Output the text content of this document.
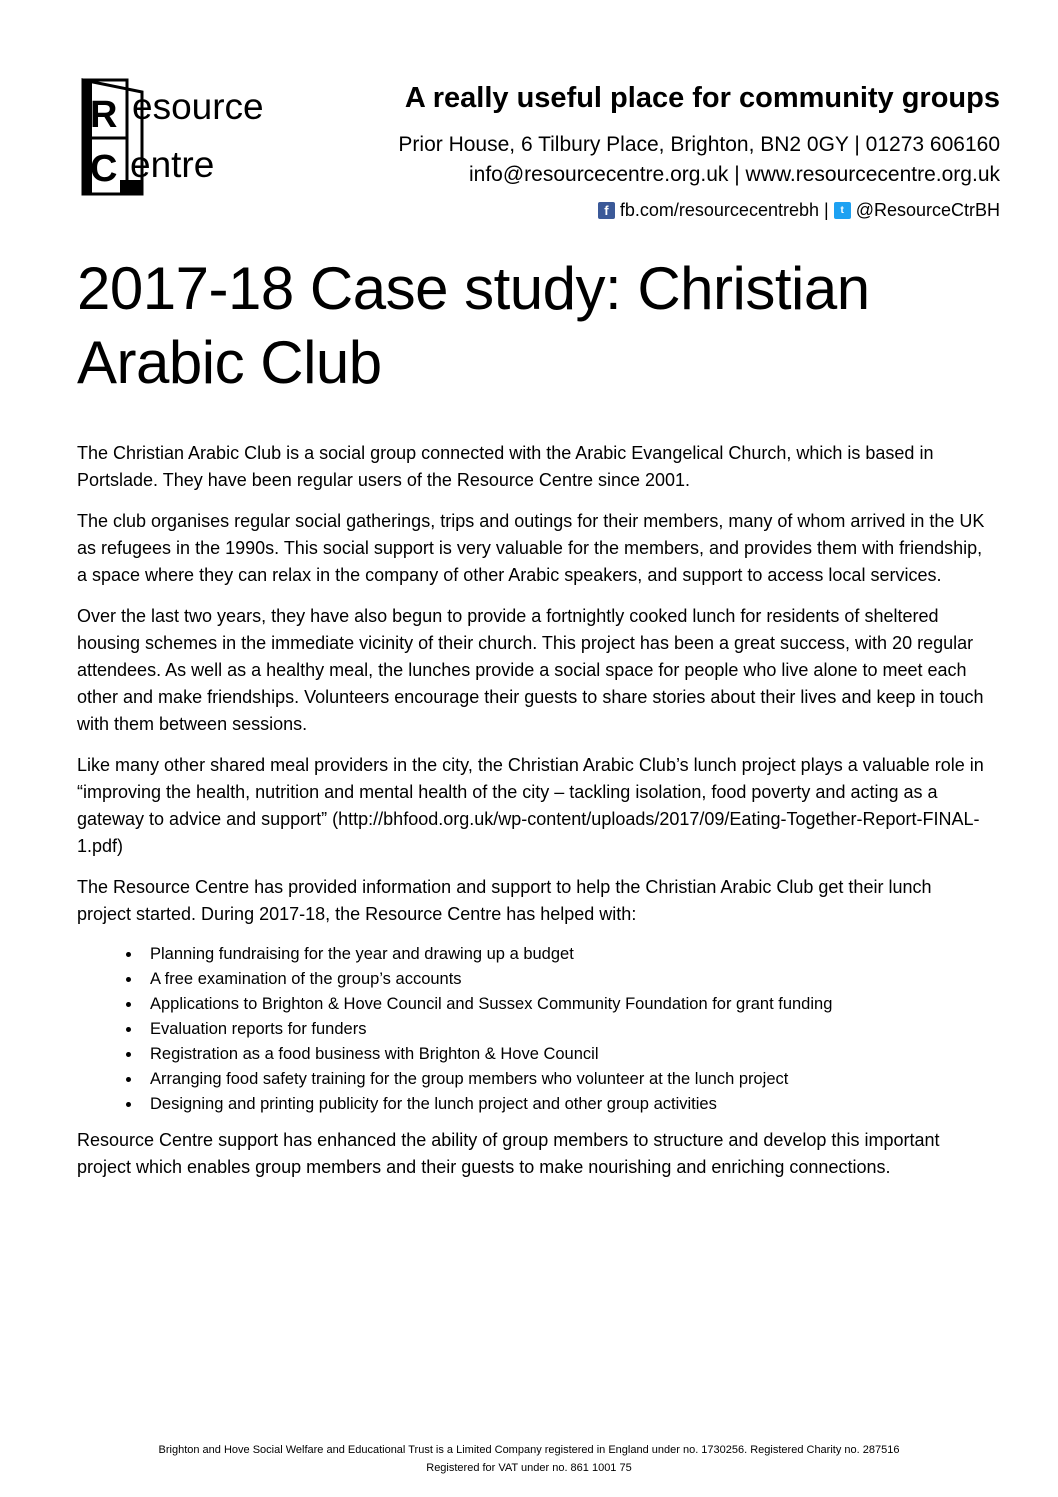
R esource
C entre

A really useful place for community groups

Prior House, 6 Tilbury Place, Brighton, BN2 0GY | 01273 606160

info@resourcecentre.org.uk | www.resourcecentre.org.uk

f fb.com/resourcecentrebh |	t @ResourceCtrBH
2017-18 Case study: Christian Arabic Club

The Christian Arabic Club is a social group connected with the Arabic Evangelical Church, which is based in Portslade. They have been regular users of the Resource Centre since 2001.

The club organises regular social gatherings, trips and outings for their members, many of whom arrived in the UK as refugees in the 1990s. This social support is very valuable for the members, and provides them with friendship, a space where they can relax in the company of other Arabic speakers, and support to access local services.

Over the last two years, they have also begun to provide a fortnightly cooked lunch for residents of sheltered housing schemes in the immediate vicinity of their church. This project has been a great success, with 20 regular attendees. As well as a healthy meal, the lunches provide a social space for people who live alone to meet each other and make friendships. Volunteers encourage their guests to share stories about their lives and keep in touch with them between sessions.

Like many other shared meal providers in the city, the Christian Arabic Club’s lunch project plays a valuable role in “improving the health, nutrition and mental health of the city – tackling isolation, food poverty and acting as a gateway to advice and support” (http://bhfood.org.uk/wp-content/uploads/2017/09/Eating-Together-Report-FINAL-1.pdf)

The Resource Centre has provided information and support to help the Christian Arabic Club get their lunch project started. During 2017-18, the Resource Centre has helped with:

• Planning fundraising for the year and drawing up a budget
• A free examination of the group’s accounts
• Applications to Brighton & Hove Council and Sussex Community Foundation for grant funding
• Evaluation reports for funders
• Registration as a food business with Brighton & Hove Council
• Arranging food safety training for the group members who volunteer at the lunch project
• Designing and printing publicity for the lunch project and other group activities

Resource Centre support has enhanced the ability of group members to structure and develop this important project which enables group members and their guests to make nourishing and enriching connections.

Brighton and Hove Social Welfare and Educational Trust is a Limited Company registered in England under no. 1730256. Registered Charity no. 287516

Registered for VAT under no. 861 1001 75
